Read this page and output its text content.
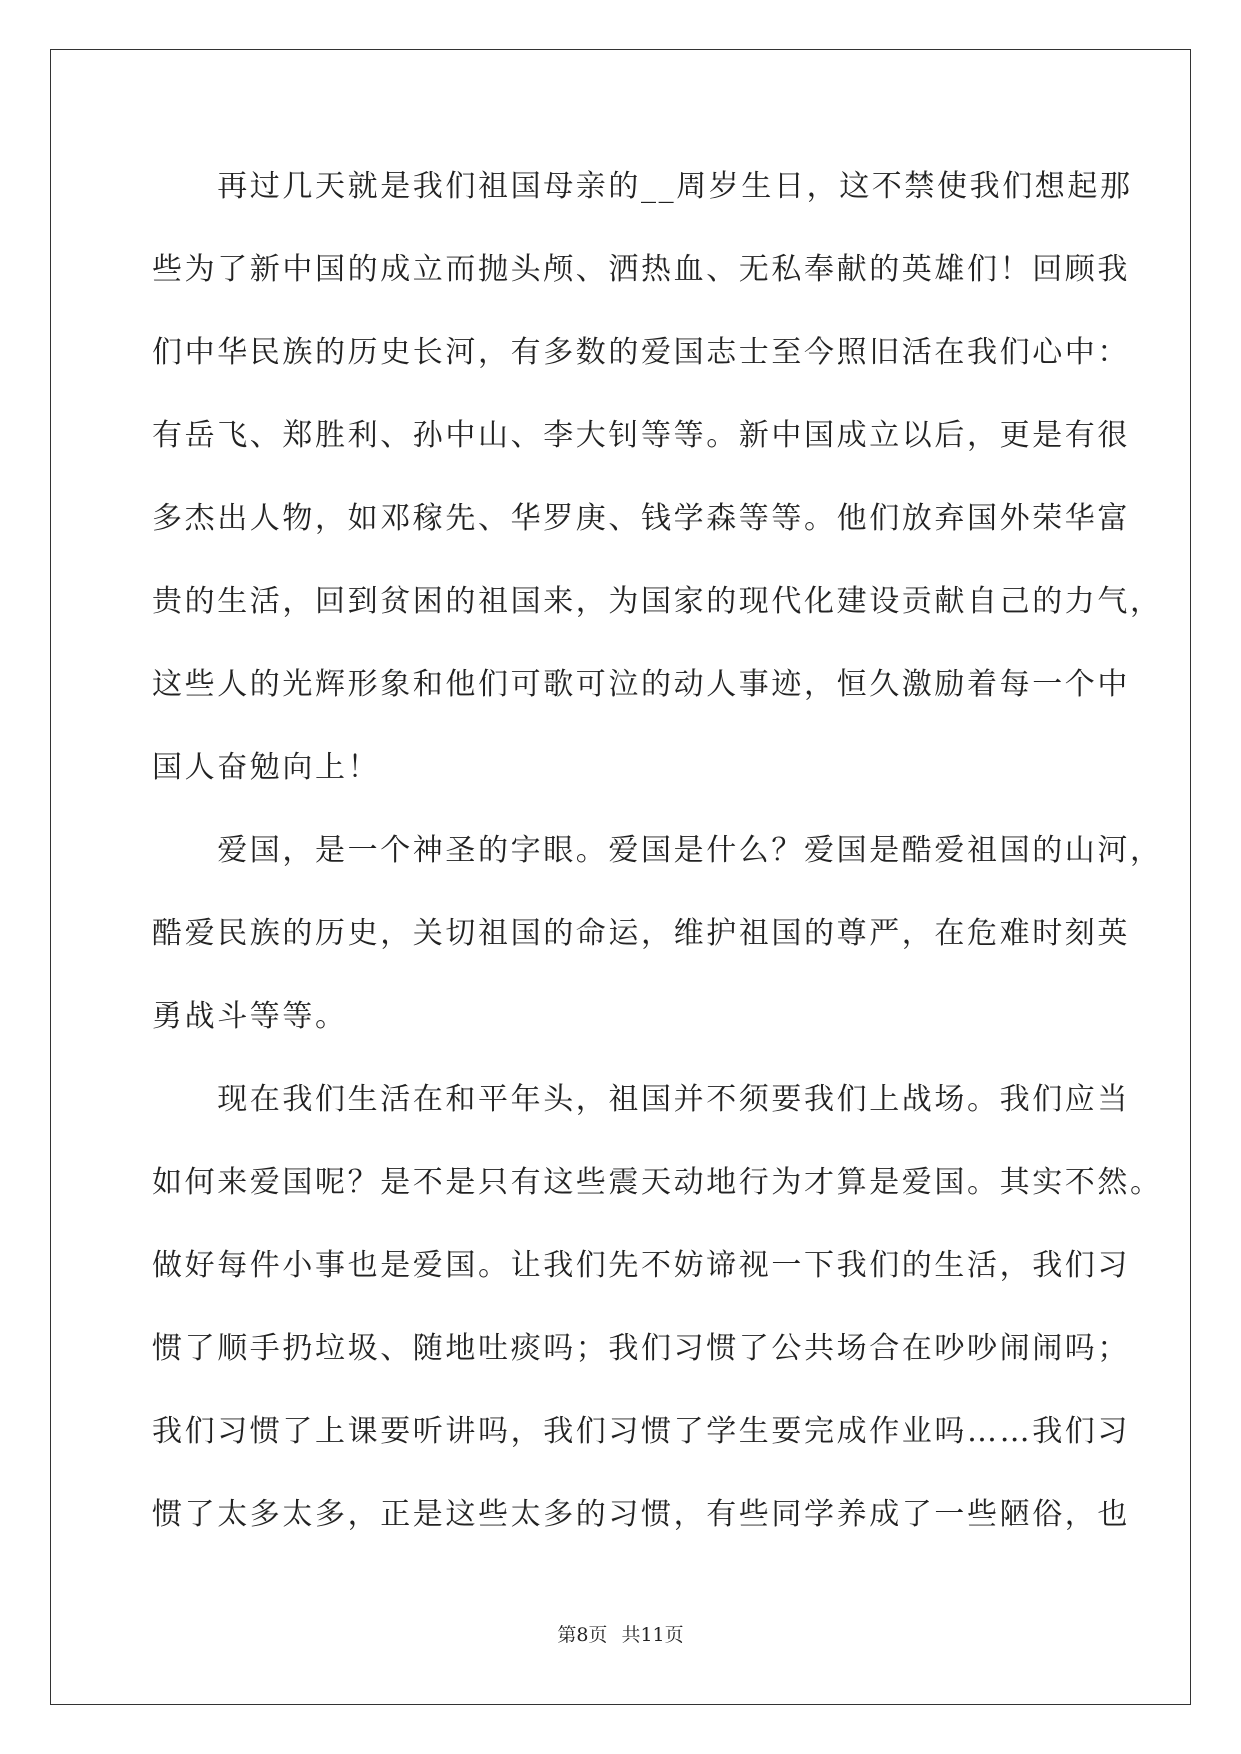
　　再过几天就是我们祖国母亲的__周岁生日，这不禁使我们想起那
些为了新中国的成立而抛头颅、洒热血、无私奉献的英雄们！回顾我
们中华民族的历史长河，有多数的爱国志士至今照旧活在我们心中：
有岳飞、郑胜利、孙中山、李大钊等等。新中国成立以后，更是有很
多杰出人物，如邓稼先、华罗庚、钱学森等等。他们放弃国外荣华富
贵的生活，回到贫困的祖国来，为国家的现代化建设贡献自己的力气，
这些人的光辉形象和他们可歌可泣的动人事迹，恒久激励着每一个中
国人奋勉向上！
　　爱国，是一个神圣的字眼。爱国是什么？爱国是酷爱祖国的山河，
酷爱民族的历史，关切祖国的命运，维护祖国的尊严，在危难时刻英
勇战斗等等。
　　现在我们生活在和平年头，祖国并不须要我们上战场。我们应当
如何来爱国呢？是不是只有这些震天动地行为才算是爱国。其实不然。
做好每件小事也是爱国。让我们先不妨谛视一下我们的生活，我们习
惯了顺手扔垃圾、随地吐痰吗；我们习惯了公共场合在吵吵闹闹吗；
我们习惯了上课要听讲吗，我们习惯了学生要完成作业吗……我们习
惯了太多太多，正是这些太多的习惯，有些同学养成了一些陋俗，也
第8页 共11页
